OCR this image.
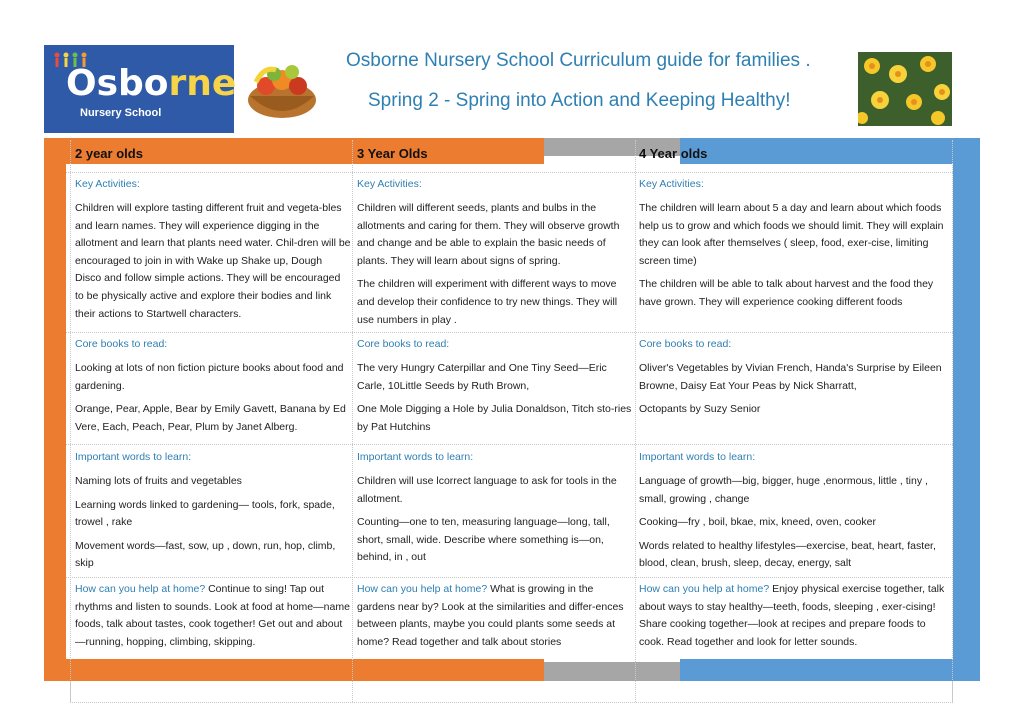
Osborne
Nursery School
Osborne Nursery School Curriculum guide for families .
Spring 2 - Spring into Action and Keeping Healthy!
2 year olds
Key Activities:
Children will explore tasting different fruit and vegeta-bles and learn names. They will experience digging in the allotment and learn that plants need water. Chil-dren will be encouraged to join in with Wake up Shake up, Dough Disco and follow simple actions. They will be encouraged to be physically active and explore their bodies and link their actions to Startwell characters.
Core books to read:
Looking at lots of non fiction picture books about food and gardening.
Orange, Pear, Apple, Bear by Emily Gavett, Banana by Ed Vere, Each, Peach, Pear, Plum by Janet Alberg.
Important words to learn:
Naming lots of fruits and vegetables
Learning words linked to gardening— tools, fork, spade, trowel , rake
Movement words—fast, sow, up , down, run, hop, climb, skip
How can you help at home? Continue to sing! Tap out rhythms and listen to sounds. Look at food at home—name foods, talk about tastes, cook together! Get out and about—running, hopping, climbing, skipping.
3 Year Olds
Key Activities:
Children will different seeds, plants and bulbs in the allotments and caring for them. They will observe growth and change and be able to explain the basic needs of plants. They will learn about signs of spring.
The children will experiment with different ways to move and develop their confidence to try new things. They will use numbers in play .
Core books to read:
The very Hungry Caterpillar and One Tiny Seed—Eric Carle, 10Little Seeds by Ruth Brown,
One Mole Digging a Hole by Julia Donaldson, Titch sto-ries by Pat Hutchins
Important words to learn:
Children will use lcorrect language to ask for tools in the allotment.
Counting—one to ten, measuring language—long, tall, short, small, wide. Describe where something is—on, behind, in , out
How can you help at home? What is growing in the gardens near by? Look at the similarities and differ-ences between plants, maybe you could plants some seeds at home? Read together and talk about stories
4 Year olds
Key Activities:
The children will learn about 5 a day and learn about which foods help us to grow and which foods we should limit. They will explain they can look after themselves ( sleep, food, exer-cise, limiting screen time)
The children will be able to talk about harvest and the food they have grown. They will experience cooking different foods
Core books to read:
Oliver's Vegetables by Vivian French, Handa's Surprise by Eileen Browne, Daisy Eat Your Peas by Nick Sharratt,
Octopants by Suzy Senior
Important words to learn:
Language of growth—big, bigger, huge ,enormous, little , tiny , small, growing , change
Cooking—fry , boil, bkae, mix, kneed, oven, cooker
Words related to healthy lifestyles—exercise, beat, heart, faster, blood, clean, brush, sleep, decay, energy, salt
How can you help at home? Enjoy physical exercise together, talk about ways to stay healthy—teeth, foods, sleeping , exer-cising! Share cooking together—look at recipes and prepare foods to cook. Read together and look for letter sounds.
